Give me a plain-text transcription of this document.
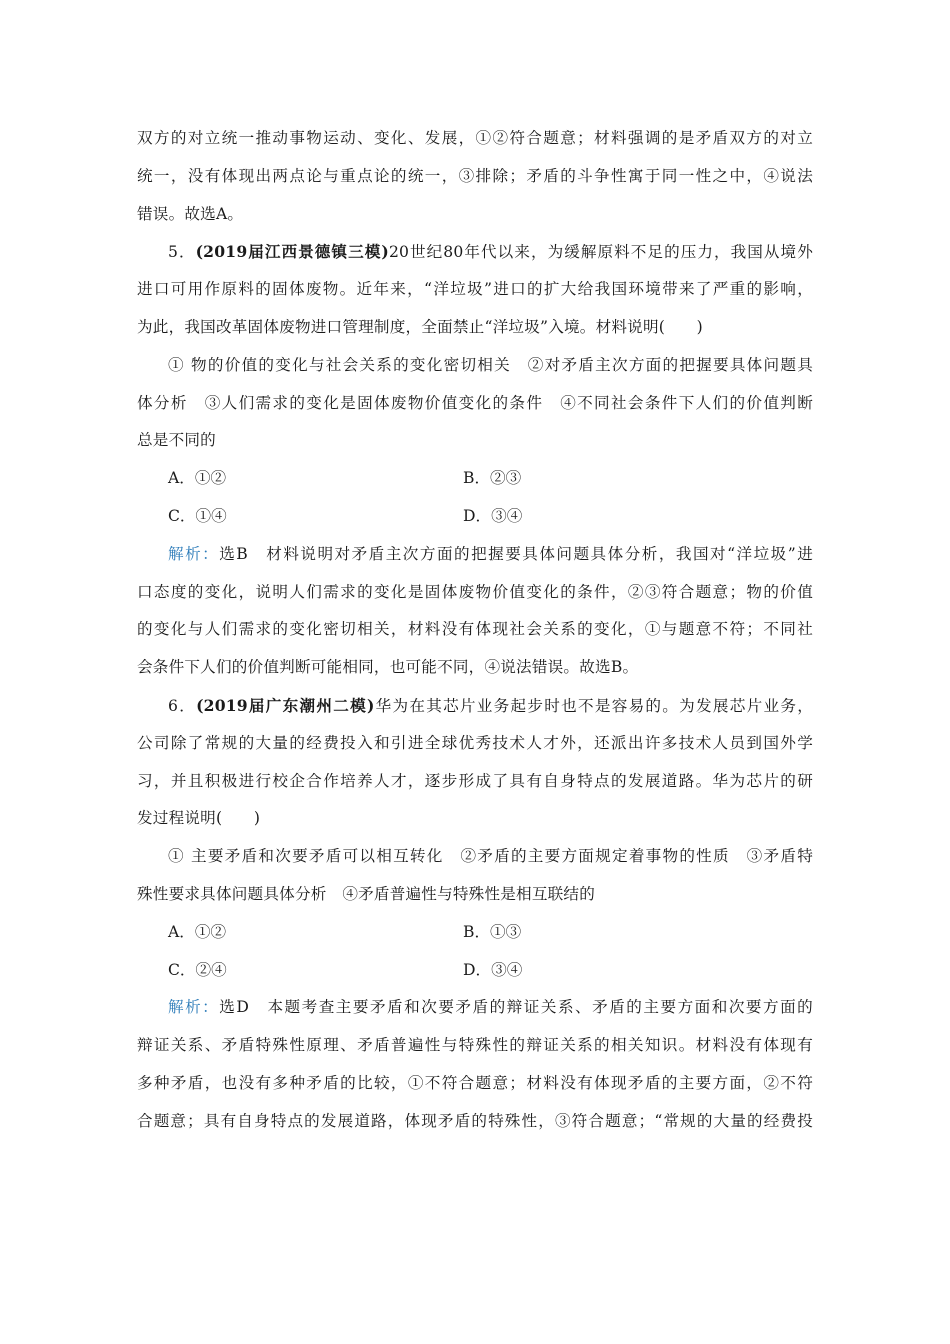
双方的对立统一推动事物运动、变化、发展，①②符合题意；材料强调的是矛盾双方的对立
统一，没有体现出两点论与重点论的统一，③排除；矛盾的斗争性寓于同一性之中，④说法
错误。故选A。
5．(2019届江西景德镇三模)20世纪80年代以来，为缓解原料不足的压力，我国从境外
进口可用作原料的固体废物。近年来，“洋垃圾”进口的扩大给我国环境带来了严重的影响，
为此，我国改革固体废物进口管理制度，全面禁止“洋垃圾”入境。材料说明(　　)
① 物的价值的变化与社会关系的变化密切相关　②对矛盾主次方面的把握要具体问题具
体分析　③人们需求的变化是固体废物价值变化的条件　④不同社会条件下人们的价值判断
总是不同的
A．①②	B．②③
C．①④	D．③④
解析：选B　材料说明对矛盾主次方面的把握要具体问题具体分析，我国对“洋垃圾”进
口态度的变化，说明人们需求的变化是固体废物价值变化的条件，②③符合题意；物的价值
的变化与人们需求的变化密切相关，材料没有体现社会关系的变化，①与题意不符；不同社
会条件下人们的价值判断可能相同，也可能不同，④说法错误。故选B。
6．(2019届广东潮州二模)华为在其芯片业务起步时也不是容易的。为发展芯片业务，
公司除了常规的大量的经费投入和引进全球优秀技术人才外，还派出许多技术人员到国外学
习，并且积极进行校企合作培养人才，逐步形成了具有自身特点的发展道路。华为芯片的研
发过程说明(　　)
① 主要矛盾和次要矛盾可以相互转化　②矛盾的主要方面规定着事物的性质　③矛盾特
殊性要求具体问题具体分析　④矛盾普遍性与特殊性是相互联结的
A．①②	B．①③
C．②④	D．③④
解析：选D　本题考查主要矛盾和次要矛盾的辩证关系、矛盾的主要方面和次要方面的
辩证关系、矛盾特殊性原理、矛盾普遍性与特殊性的辩证关系的相关知识。材料没有体现有
多种矛盾，也没有多种矛盾的比较，①不符合题意；材料没有体现矛盾的主要方面，②不符
合题意；具有自身特点的发展道路，体现矛盾的特殊性，③符合题意；“常规的大量的经费投
